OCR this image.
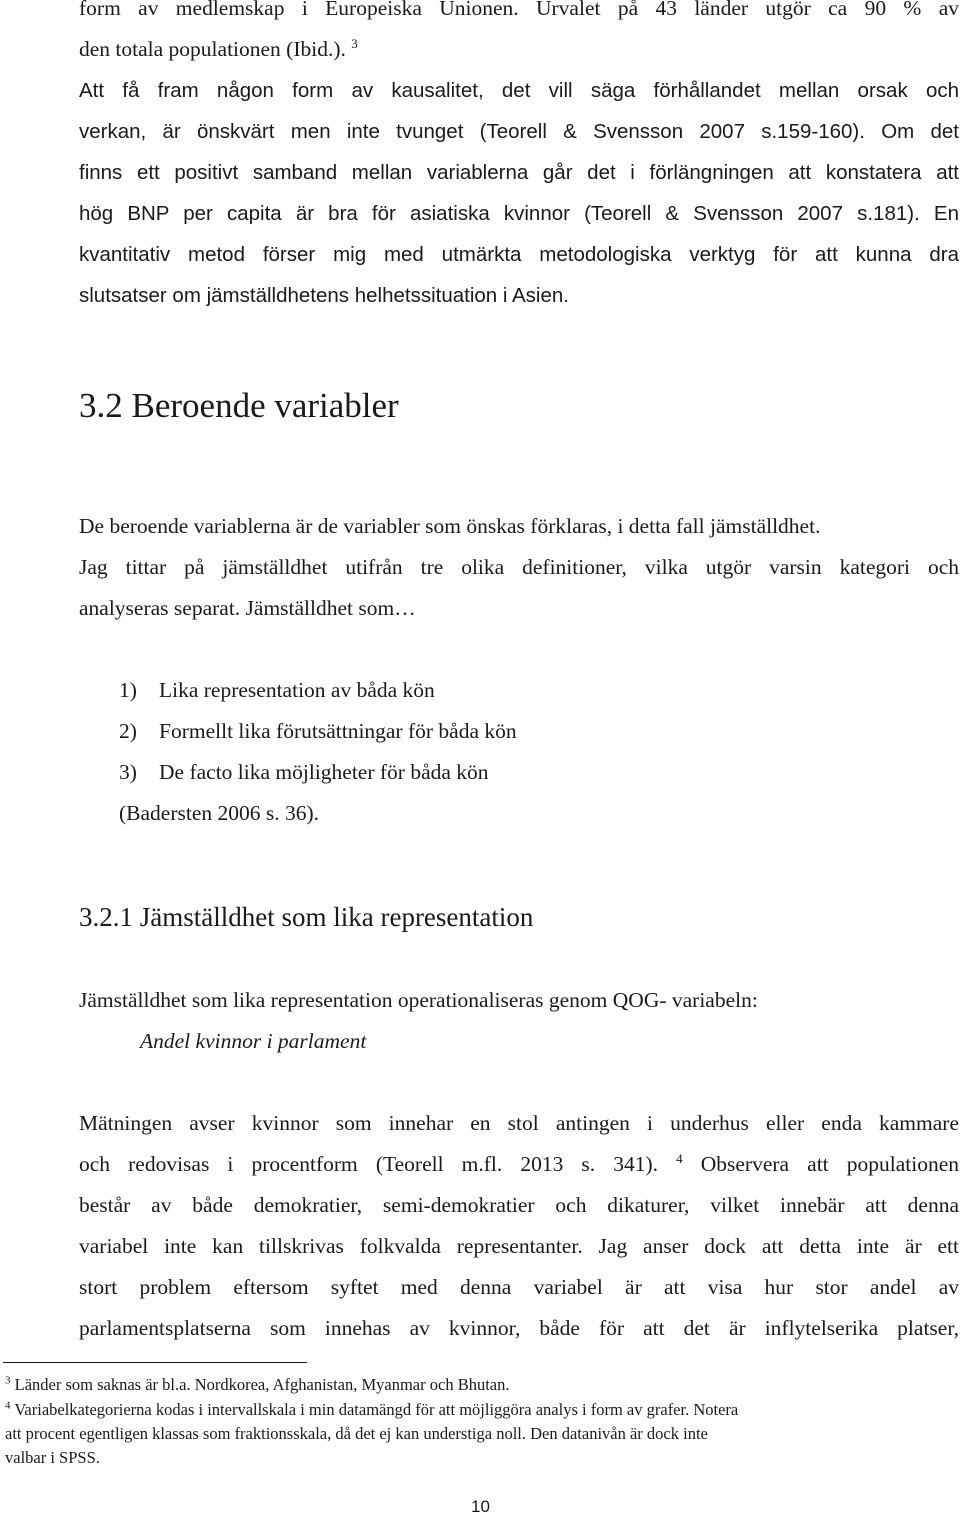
form av medlemskap i Europeiska Unionen. Urvalet på 43 länder utgör ca 90 % av
den totala populationen (Ibid.). $^3$
Att få fram någon form av kausalitet, det vill säga förhållandet mellan orsak och
verkan, är önskvärt men inte tvunget (Teorell & Svensson 2007 s.159-160). Om det
finns ett positivt samband mellan variablerna går det i förlängningen att konstatera att
hög BNP per capita är bra för asiatiska kvinnor (Teorell & Svensson 2007 s.181). En
kvantitativ metod förser mig med utmärkta metodologiska verktyg för att kunna dra
slutsatser om jämställdhetens helhetssituation i Asien.
3.2 Beroende variabler
De beroende variablerna är de variabler som önskas förklaras, i detta fall jämställdhet.
Jag tittar på jämställdhet utifrån tre olika definitioner, vilka utgör varsin kategori och
analyseras separat. Jämställdhet som…
1) Lika representation av båda kön
2) Formellt lika förutsättningar för båda kön
3) De facto lika möjligheter för båda kön
(Badersten 2006 s. 36).
3.2.1 Jämställdhet som lika representation
Jämställdhet som lika representation operationaliseras genom QOG- variabeln:
Andel kvinnor i parlament
Mätningen avser kvinnor som innehar en stol antingen i underhus eller enda kammare
och redovisas i procentform (Teorell m.fl. 2013 s. 341). $^4$ Observera att populationen
består av både demokratier, semi-demokratier och dikaturer, vilket innebär att denna
variabel inte kan tillskrivas folkvalda representanter. Jag anser dock att detta inte är ett
stort problem eftersom syftet med denna variabel är att visa hur stor andel av
parlamentsplatserna som innehas av kvinnor, både för att det är inflytelserika platser,
$^3$ Länder som saknas är bl.a. Nordkorea, Afghanistan, Myanmar och Bhutan.
$^4$ Variabelkategorierna kodas i intervallskala i min datamängd för att möjliggöra analys i form av grafer. Notera
att procent egentligen klassas som fraktionsskala, då det ej kan understiga noll. Den datanivån är dock inte
valbar i SPSS.
10
